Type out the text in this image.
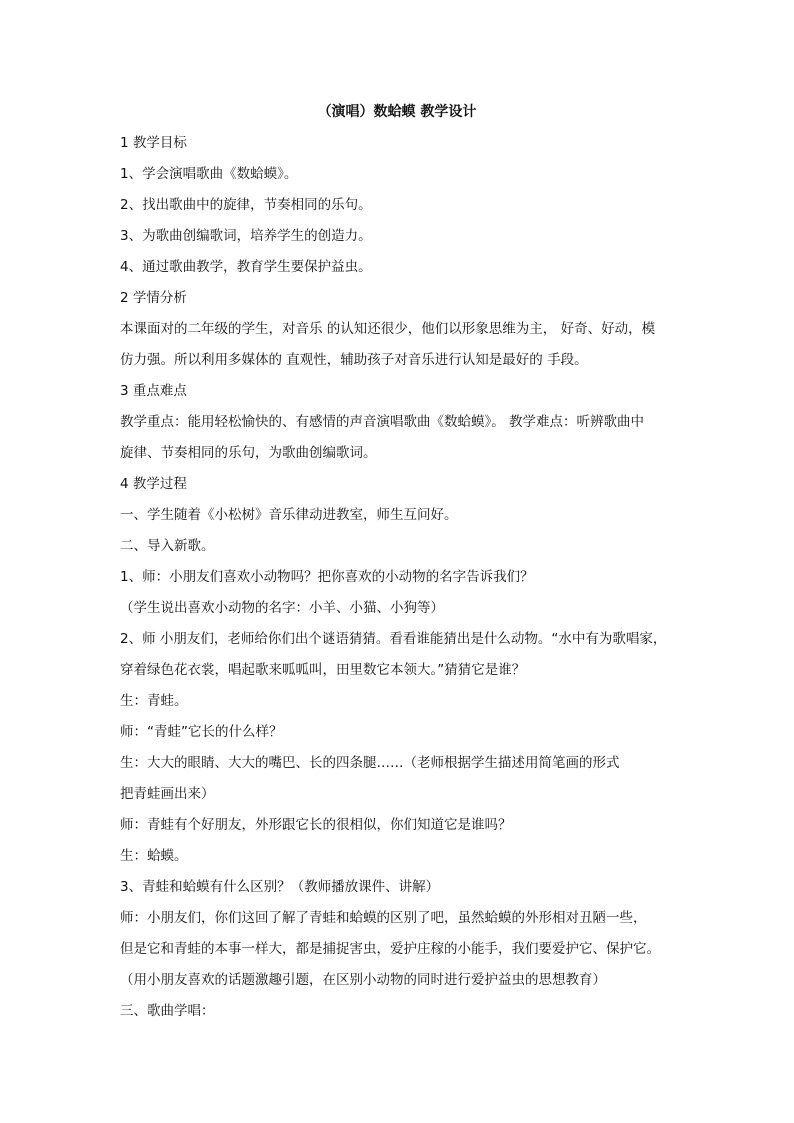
（演唱）数蛤蟆 教学设计
1 教学目标
1、学会演唱歌曲《数蛤蟆》。
2、找出歌曲中的旋律，节奏相同的乐句。
3、为歌曲创编歌词，培养学生的创造力。
4、通过歌曲教学，教育学生要保护益虫。
2 学情分析
本课面对的二年级的学生，对音乐 的认知还很少，他们以形象思维为主， 好奇、好动，模
仿力强。所以利用多媒体的 直观性，辅助孩子对音乐进行认知是最好的 手段。
3 重点难点
教学重点：能用轻松愉快的、有感情的声音演唱歌曲《数蛤蟆》。 教学难点：听辨歌曲中
旋律、节奏相同的乐句，为歌曲创编歌词。
4 教学过程
一、学生随着《小松树》音乐律动进教室，师生互问好。
二、导入新歌。
1、师：小朋友们喜欢小动物吗？把你喜欢的小动物的名字告诉我们？
（学生说出喜欢小动物的名字：小羊、小猫、小狗等）
2、师 小朋友们，老师给你们出个谜语猜猜。看看谁能猜出是什么动物。“水中有为歌唱家，
穿着绿色花衣裳，唱起歌来呱呱叫，田里数它本领大。”猜猜它是谁？
生：青蛙。
师：“青蛙”它长的什么样？
生：大大的眼睛、大大的嘴巴、长的四条腿……（老师根据学生描述用简笔画的形式
把青蛙画出来）
师：青蛙有个好朋友，外形跟它长的很相似，你们知道它是谁吗？
生：蛤蟆。
3、青蛙和蛤蟆有什么区别？（教师播放课件、讲解）
师：小朋友们，你们这回了解了青蛙和蛤蟆的区别了吧，虽然蛤蟆的外形相对丑陋一些，
但是它和青蛙的本事一样大，都是捕捉害虫，爱护庄稼的小能手，我们要爱护它、保护它。
（用小朋友喜欢的话题激趣引题，在区别小动物的同时进行爱护益虫的思想教育）
三、歌曲学唱：
